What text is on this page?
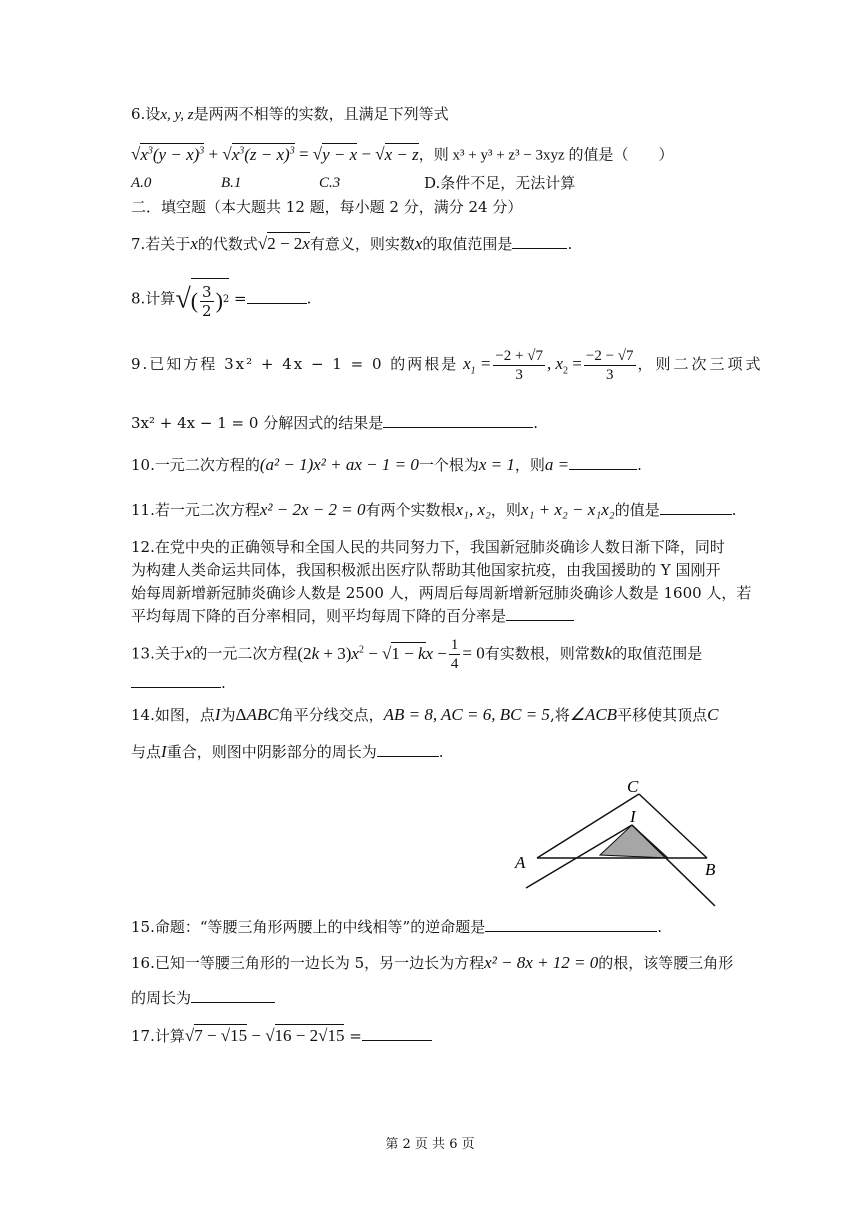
6.设x, y, z是两两不相等的实数，且满足下列等式
$√x^3(y - x)^3 + √x^3(z - x)^3 = √y - x - √x - z$，则 x³ + y³ + z³ − 3xyz 的值是（　　）
A.0	B.1	C.3	D.条件不足，无法计算
二．填空题（本大题共 12 题，每小题 2 分，满分 24 分）
7.若关于x的代数式√2 − 2x有意义，则实数x的取值范围是	.
8.计算√( $\frac{3}{2} )^2$ =	.
9.已知方程 3x² + 4x − 1 = 0 的两根是 $x_1 = \frac{-2 + √7}{3}$ , $x_2 = \frac{-2 - √7}{3}$ ，则二次三项式
3x² + 4x − 1 = 0 分解因式的结果是	.
10.一元二次方程的(a² − 1)x² + ax − 1 = 0一个根为x = 1，则a =	.
11.若一元二次方程x² − 2x − 2 = 0有两个实数根x₁, x₂，则x₁ + x₂ − x₁x₂的值是	.
12.在党中央的正确领导和全国人民的共同努力下，我国新冠肺炎确诊人数日渐下降，同时
为构建人类命运共同体，我国积极派出医疗队帮助其他国家抗疫，由我国援助的 Y 国刚开
始每周新增新冠肺炎确诊人数是 2500 人，两周后每周新增新冠肺炎确诊人数是 1600 人，若
平均每周下降的百分率相同，则平均每周下降的百分率是
13.关于x的一元二次方程$(2k + 3)x^2 - √1$ − kx − $\frac{1}{4} = 0$有实数根，则常数k的取值范围是
.
14.如图，点I为ΔABC角平分线交点，AB = 8, AC = 6, BC = 5,将∠ACB平移使其顶点C
与点I重合，则图中阴影部分的周长为	.
C
I
A	B
15.命题：“等腰三角形两腰上的中线相等”的逆命题是	.
16.已知一等腰三角形的一边长为 5，另一边长为方程x² − 8x + 12 = 0的根，该等腰三角形
的周长为
17.计算√7 − √15 − √16 − 2√15 =
第 2 页 共 6 页
